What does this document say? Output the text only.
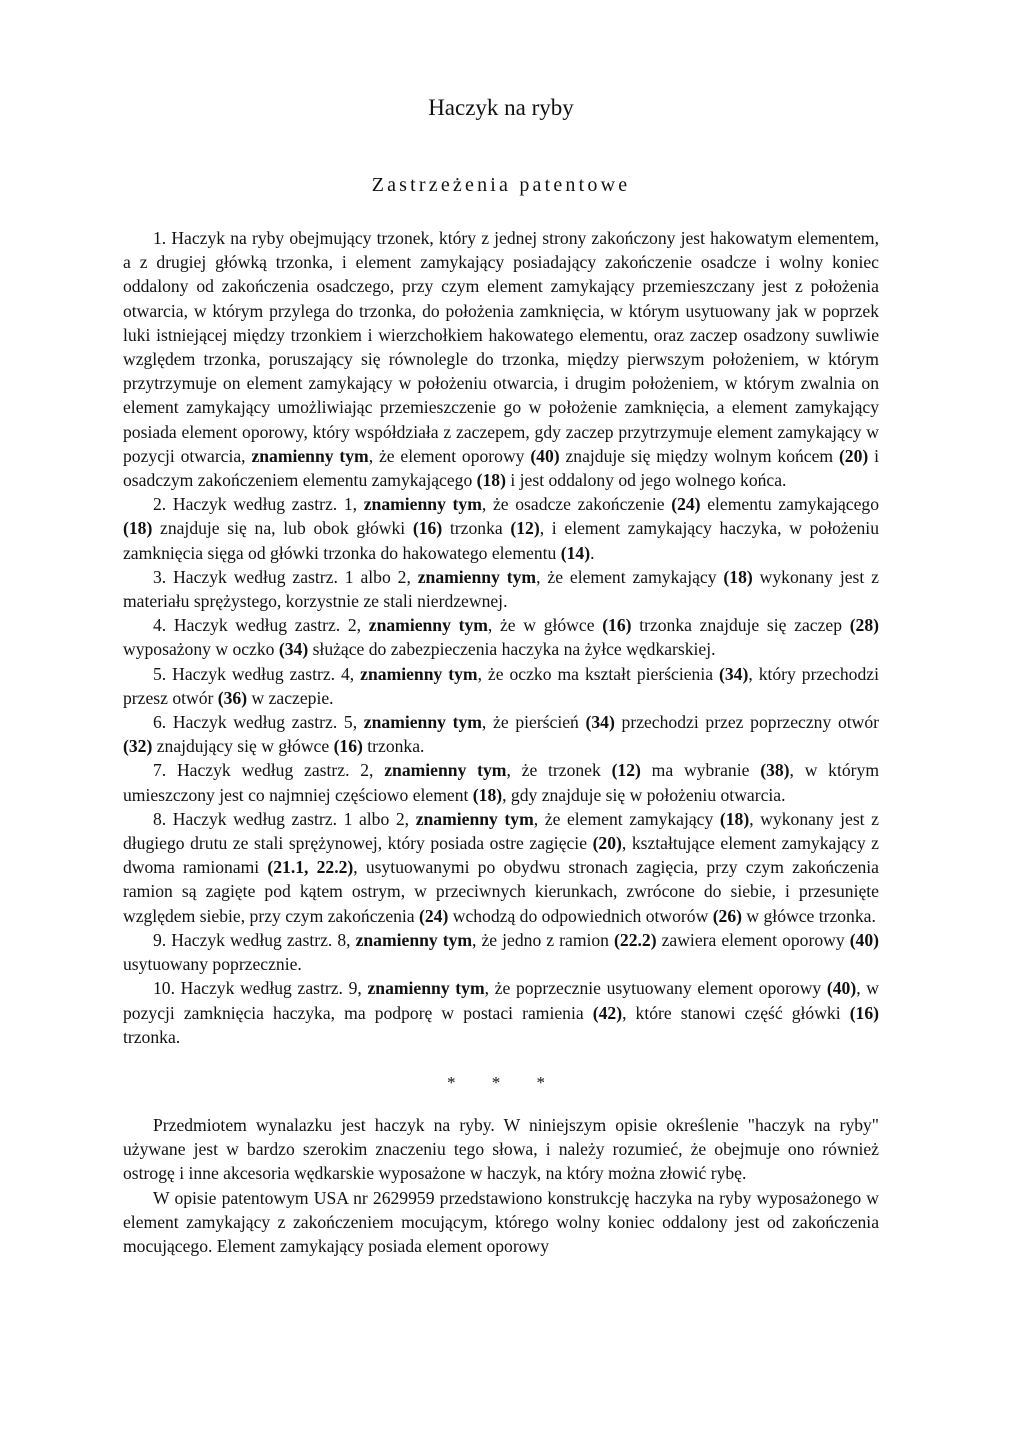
Haczyk na ryby
Zastrzeżenia patentowe

1. Haczyk na ryby obejmujący trzonek, który z jednej strony zakończony jest hakowatym elementem, a z drugiej główką trzonka, i element zamykający posiadający zakończenie osadcze i wolny koniec oddalony od zakończenia osadczego, przy czym element zamykający przemieszczany jest z położenia otwarcia, w którym przylega do trzonka, do położenia zamknięcia, w którym usytuowany jak w poprzek luki istniejącej między trzonkiem i wierzchołkiem hakowatego elementu, oraz zaczep osadzony suwliwie względem trzonka, poruszający się równolegle do trzonka, między pierwszym położeniem, w którym przytrzymuje on element zamykający w położeniu otwarcia, i drugim położeniem, w którym zwalnia on element zamykający umożliwiając przemieszczenie go w położenie zamknięcia, a element zamykający posiada element oporowy, który współdziała z zaczepem, gdy zaczep przytrzymuje element zamykający w pozycji otwarcia, znamienny tym, że element oporowy (40) znajduje się między wolnym końcem (20) i osadczym zakończeniem elementu zamykającego (18) i jest oddalony od jego wolnego końca.

2. Haczyk według zastrz. 1, znamienny tym, że osadcze zakończenie (24) elementu zamykającego (18) znajduje się na, lub obok główki (16) trzonka (12), i element zamykający haczyka, w położeniu zamknięcia sięga od główki trzonka do hakowatego elementu (14).

3. Haczyk według zastrz. 1 albo 2, znamienny tym, że element zamykający (18) wykonany jest z materiału sprężystego, korzystnie ze stali nierdzewnej.

4. Haczyk według zastrz. 2, znamienny tym, że w główce (16) trzonka znajduje się zaczep (28) wyposażony w oczko (34) służące do zabezpieczenia haczyka na żyłce wędkarskiej.

5. Haczyk według zastrz. 4, znamienny tym, że oczko ma kształt pierścienia (34), który przechodzi przesz otwór (36) w zaczepie.

6. Haczyk według zastrz. 5, znamienny tym, że pierścień (34) przechodzi przez poprzeczny otwór (32) znajdujący się w główce (16) trzonka.

7. Haczyk według zastrz. 2, znamienny tym, że trzonek (12) ma wybranie (38), w którym umieszczony jest co najmniej częściowo element (18), gdy znajduje się w położeniu otwarcia.

8. Haczyk według zastrz. 1 albo 2, znamienny tym, że element zamykający (18), wykonany jest z długiego drutu ze stali sprężynowej, który posiada ostre zagięcie (20), kształtujące element zamykający z dwoma ramionami (21.1, 22.2), usytuowanymi po obydwu stronach zagięcia, przy czym zakończenia ramion są zagięte pod kątem ostrym, w przeciwnych kierunkach, zwrócone do siebie, i przesunięte względem siebie, przy czym zakończenia (24) wchodzą do odpowiednich otworów (26) w główce trzonka.

9. Haczyk według zastrz. 8, znamienny tym, że jedno z ramion (22.2) zawiera element oporowy (40) usytuowany poprzecznie.

10. Haczyk według zastrz. 9, znamienny tym, że poprzecznie usytuowany element oporowy (40), w pozycji zamknięcia haczyka, ma podporę w postaci ramienia (42), które stanowi część główki (16) trzonka.

* * *

Przedmiotem wynalazku jest haczyk na ryby. W niniejszym opisie określenie "haczyk na ryby" używane jest w bardzo szerokim znaczeniu tego słowa, i należy rozumieć, że obejmuje ono również ostrogę i inne akcesoria wędkarskie wyposażone w haczyk, na który można złowić rybę.

W opisie patentowym USA nr 2629959 przedstawiono konstrukcję haczyka na ryby wyposażonego w element zamykający z zakończeniem mocującym, którego wolny koniec oddalony jest od zakończenia mocującego. Element zamykający posiada element oporowy
